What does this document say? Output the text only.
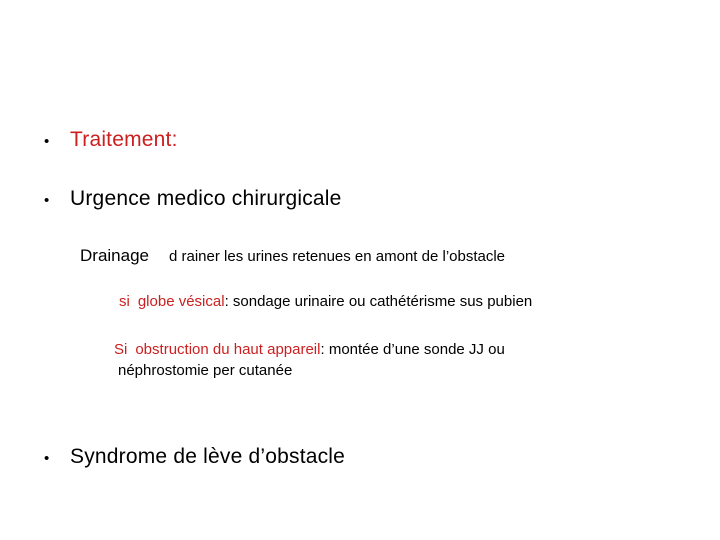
• Traitement:
• Urgence medico chirurgicale
Drainage d rainer les urines retenues en amont de l’obstacle
si globe vésical: sondage urinaire ou cathétérisme sus pubien
Si obstruction du haut appareil: montée d’une sonde JJ ou
néphrostomie per cutanée
• Syndrome de lève d’obstacle
